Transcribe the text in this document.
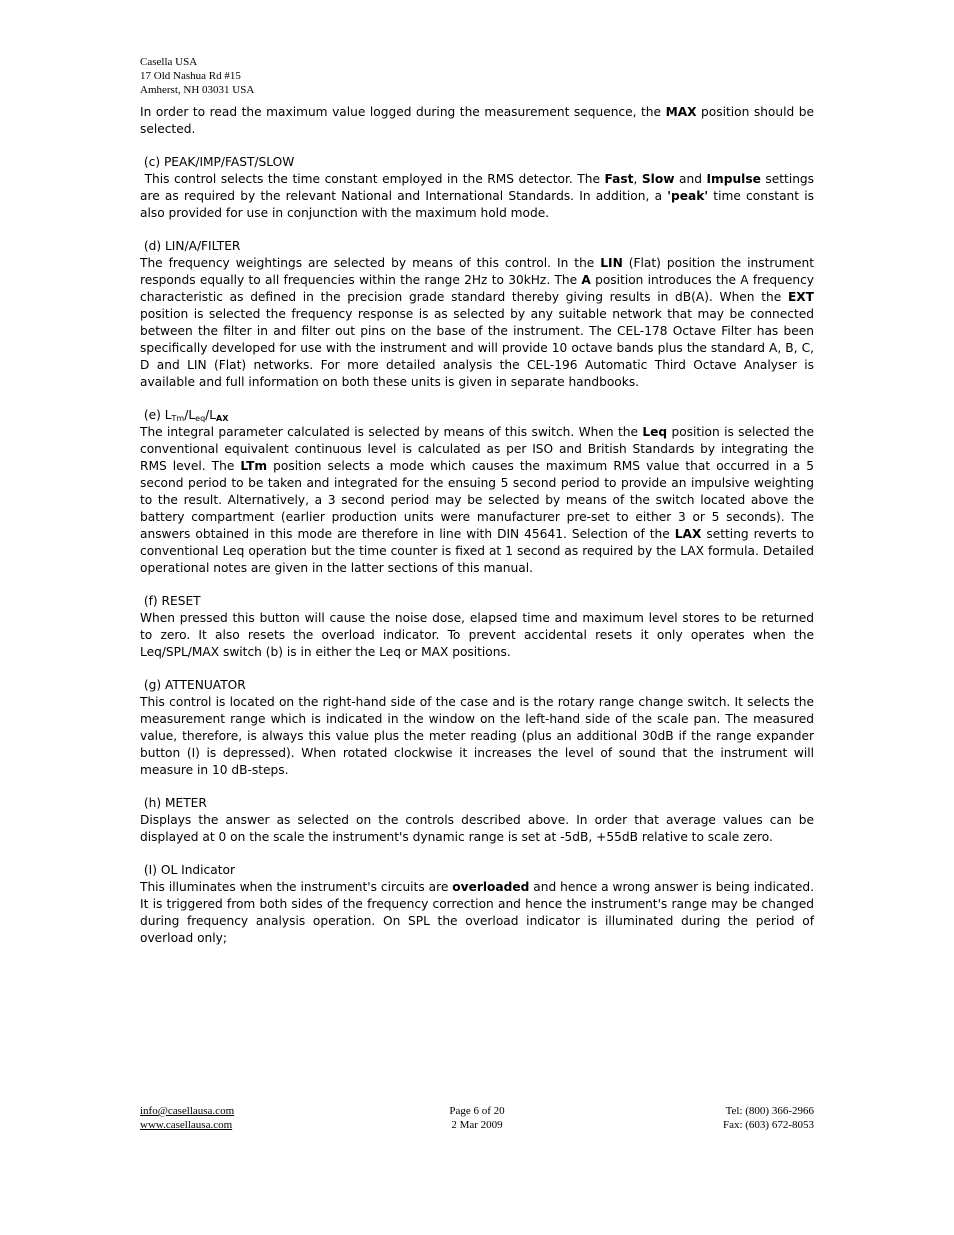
Casella USA
17 Old Nashua Rd #15
Amherst, NH 03031 USA

In order to read the maximum value logged during the measurement sequence, the MAX position should be selected.

(c) PEAK/IMP/FAST/SLOW

This control selects the time constant employed in the RMS detector. The Fast, Slow and Impulse settings are as required by the relevant National and International Standards. In addition, a 'peak' time constant is also provided for use in conjunction with the maximum hold mode.

(d) LIN/A/FILTER

The frequency weightings are selected by means of this control. In the LIN (Flat) position the instrument responds equally to all frequencies within the range 2Hz to 30kHz. The A position introduces the A frequency characteristic as defined in the precision grade standard thereby giving results in dB(A). When the EXT position is selected the frequency response is as selected by any suitable network that may be connected between the filter in and filter out pins on the base of the instrument. The CEL-178 Octave Filter has been specifically developed for use with the instrument and will provide 10 octave bands plus the standard A, B, C, D and LIN (Flat) networks. For more detailed analysis the CEL-196 Automatic Third Octave Analyser is available and full information on both these units is given in separate handbooks.

(e) $L_{Tm}/L_{eq}/L_{AX}$

The integral parameter calculated is selected by means of this switch. When the Leq position is selected the conventional equivalent continuous level is calculated as per ISO and British Standards by integrating the RMS level. The LTm position selects a mode which causes the maximum RMS value that occurred in a 5 second period to be taken and integrated for the ensuing 5 second period to provide an impulsive weighting to the result. Alternatively, a 3 second period may be selected by means of the switch located above the battery compartment (earlier production units were manufacturer pre-set to either 3 or 5 seconds). The answers obtained in this mode are therefore in line with DIN 45641. Selection of the LAX setting reverts to conventional Leq operation but the time counter is fixed at 1 second as required by the LAX formula. Detailed operational notes are given in the latter sections of this manual.

(f) RESET

When pressed this button will cause the noise dose, elapsed time and maximum level stores to be returned to zero. It also resets the overload indicator. To prevent accidental resets it only operates when the Leq/SPL/MAX switch (b) is in either the Leq or MAX positions.

(g) ATTENUATOR

This control is located on the right-hand side of the case and is the rotary range change switch. It selects the measurement range which is indicated in the window on the left-hand side of the scale pan. The measured value, therefore, is always this value plus the meter reading (plus an additional 30dB if the range expander button (I) is depressed). When rotated clockwise it increases the level of sound that the instrument will measure in 10 dB-steps.

(h) METER

Displays the answer as selected on the controls described above. In order that average values can be displayed at 0 on the scale the instrument's dynamic range is set at -5dB, +55dB relative to scale zero.

(I) OL Indicator

This illuminates when the instrument's circuits are overloaded and hence a wrong answer is being indicated. It is triggered from both sides of the frequency correction and hence the instrument's range may be changed during frequency analysis operation. On SPL the overload indicator is illuminated during the period of overload only;

info@casellausa.com
www.casellausa.com
Page 6 of 20
2 Mar 2009
Tel: (800) 366-2966
Fax: (603) 672-8053
